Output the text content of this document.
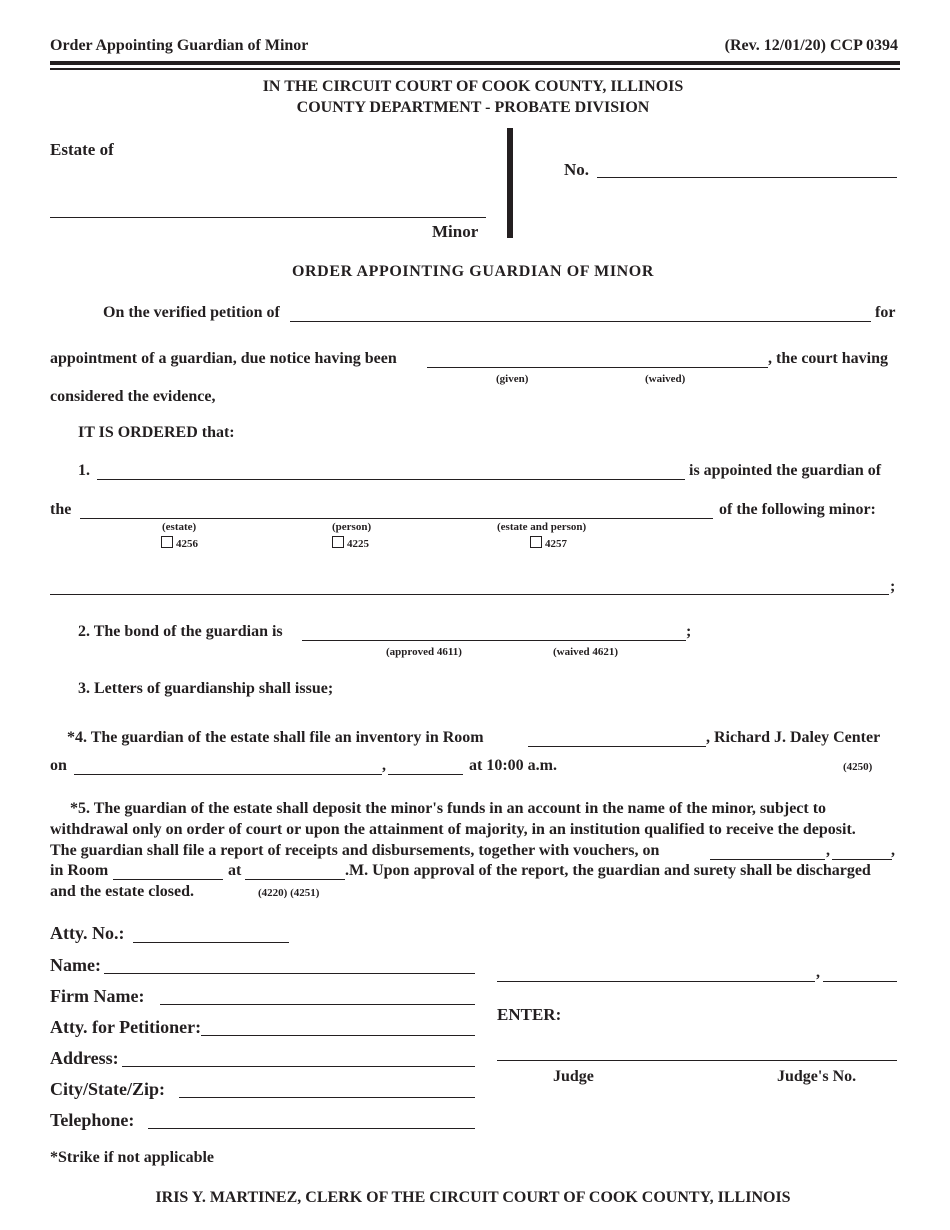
Order Appointing Guardian of Minor	(Rev. 12/01/20) CCP 0394
IN THE CIRCUIT COURT OF COOK COUNTY, ILLINOIS
COUNTY DEPARTMENT - PROBATE DIVISION
Estate of
Minor
No.
ORDER APPOINTING GUARDIAN OF MINOR
On the verified petition of	for
appointment of a guardian, due notice having been	, the court having
(given)	(waived)
considered the evidence,
IT IS ORDERED that:
1.	is appointed the guardian of
the	of the following minor:
(estate)
4256
(person)
4225
(estate and person)
4257
;
2. The bond of the guardian is	;
(approved 4611)	(waived 4621)
3. Letters of guardianship shall issue;
*4. The guardian of the estate shall file an inventory in Room	, Richard J. Daley Center
on	,	at 10:00 a.m.	(4250)
*5. The guardian of the estate shall deposit the minor's funds in an account in the name of the minor, subject to
withdrawal only on order of court or upon the attainment of majority, in an institution qualified to receive the deposit.
The guardian shall file a report of receipts and disbursements, together with vouchers, on	,	,
in Room	at	.M. Upon approval of the report, the guardian and surety shall be discharged
and the estate closed.	(4220) (4251)
Atty. No.:
Name:
Firm Name:
Atty. for Petitioner:
Address:
City/State/Zip:
Telephone:
,
ENTER:
Judge	Judge's No.
*Strike if not applicable
IRIS Y. MARTINEZ, CLERK OF THE CIRCUIT COURT OF COOK COUNTY, ILLINOIS
